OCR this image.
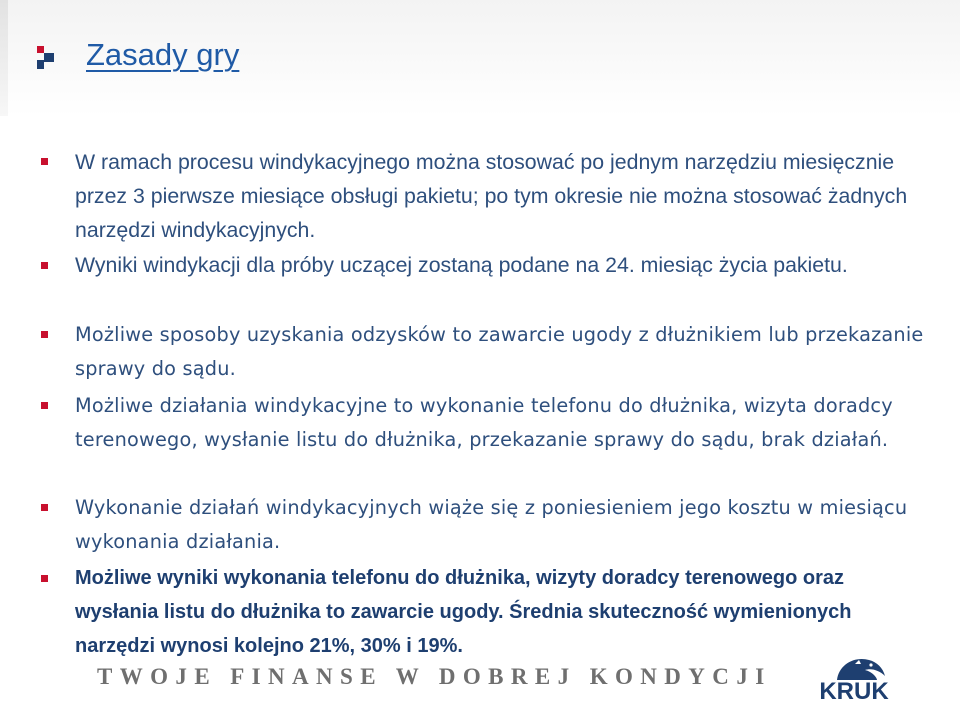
Zasady gry
W ramach procesu windykacyjnego można stosować po jednym narzędziu miesięcznie przez 3 pierwsze miesiące obsługi pakietu; po tym okresie nie można stosować żadnych narzędzi windykacyjnych.
Wyniki windykacji dla próby uczącej zostaną podane na 24. miesiąc życia pakietu.
Możliwe sposoby uzyskania odzysków to zawarcie ugody z dłużnikiem lub przekazanie sprawy do sądu.
Możliwe działania windykacyjne to wykonanie telefonu do dłużnika, wizyta doradcy terenowego, wysłanie listu do dłużnika, przekazanie sprawy do sądu, brak działań.
Wykonanie działań windykacyjnych wiąże się z poniesieniem jego kosztu w miesiącu wykonania działania.
Możliwe wyniki wykonania telefonu do dłużnika, wizyty doradcy terenowego oraz wysłania listu do dłużnika to zawarcie ugody. Średnia skuteczność wymienionych narzędzi wynosi kolejno 21%, 30% i 19%.
TWOJE FINANSE W DOBREJ KONDYCJI
KRUK
